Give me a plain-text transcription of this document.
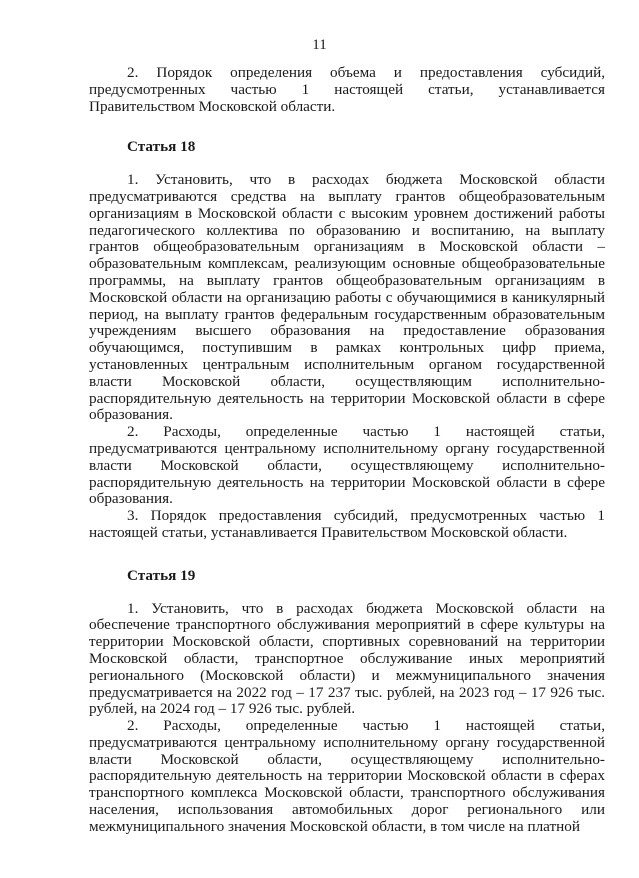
11

2. Порядок определения объема и предоставления субсидий, предусмотренных частью 1 настоящей статьи, устанавливается Правительством Московской области.

Статья 18

1. Установить, что в расходах бюджета Московской области предусматриваются средства на выплату грантов общеобразовательным организациям в Московской области с высоким уровнем достижений работы педагогического коллектива по образованию и воспитанию, на выплату грантов общеобразовательным организациям в Московской области – образовательным комплексам, реализующим основные общеобразовательные программы, на выплату грантов общеобразовательным организациям в Московской области на организацию работы с обучающимися в каникулярный период, на выплату грантов федеральным государственным образовательным учреждениям высшего образования на предоставление образования обучающимся, поступившим в рамках контрольных цифр приема, установленных центральным исполнительным органом государственной власти Московской области, осуществляющим исполнительно-распорядительную деятельность на территории Московской области в сфере образования.

2. Расходы, определенные частью 1 настоящей статьи, предусматриваются центральному исполнительному органу государственной власти Московской области, осуществляющему исполнительно-распорядительную деятельность на территории Московской области в сфере образования.

3. Порядок предоставления субсидий, предусмотренных частью 1 настоящей статьи, устанавливается Правительством Московской области.

Статья 19

1. Установить, что в расходах бюджета Московской области на обеспечение транспортного обслуживания мероприятий в сфере культуры на территории Московской области, спортивных соревнований на территории Московской области, транспортное обслуживание иных мероприятий регионального (Московской области) и межмуниципального значения предусматривается на 2022 год – 17 237 тыс. рублей, на 2023 год – 17 926 тыс. рублей, на 2024 год – 17 926 тыс. рублей.

2. Расходы, определенные частью 1 настоящей статьи, предусматриваются центральному исполнительному органу государственной власти Московской области, осуществляющему исполнительно-распорядительную деятельность на территории Московской области в сферах транспортного комплекса Московской области, транспортного обслуживания населения, использования автомобильных дорог регионального или межмуниципального значения Московской области, в том числе на платной
